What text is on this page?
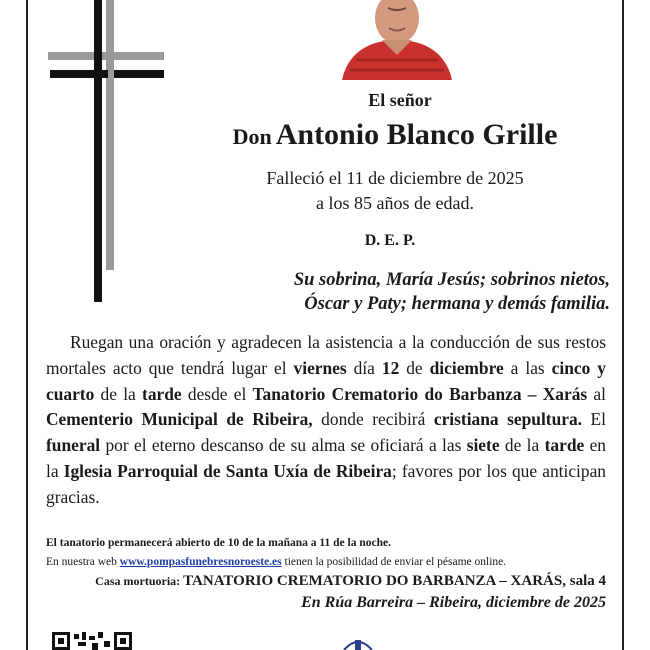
El señor
Don Antonio Blanco Grille
Falleció el 11 de diciembre de 2025
a los 85 años de edad.
D. E. P.
Su sobrina, María Jesús; sobrinos nietos,
Óscar y Paty; hermana y demás familia.
Ruegan una oración y agradecen la asistencia a la conducción de sus restos mortales acto que tendrá lugar el viernes día 12 de diciembre a las cinco y cuarto de la tarde desde el Tanatorio Crematorio do Barbanza – Xarás al Cementerio Municipal de Ribeira, donde recibirá cristiana sepultura. El funeral por el eterno descanso de su alma se oficiará a las siete de la tarde en la Iglesia Parroquial de Santa Uxía de Ribeira; favores por los que anticipan gracias.
El tanatorio permanecerá abierto de 10 de la mañana a 11 de la noche.
En nuestra web www.pompasfunebresnoroeste.es tienen la posibilidad de enviar el pésame online.
Casa mortuoria: TANATORIO CREMATORIO DO BARBANZA – XARÁS, sala 4
En Rúa Barreira – Ribeira, diciembre de 2025
